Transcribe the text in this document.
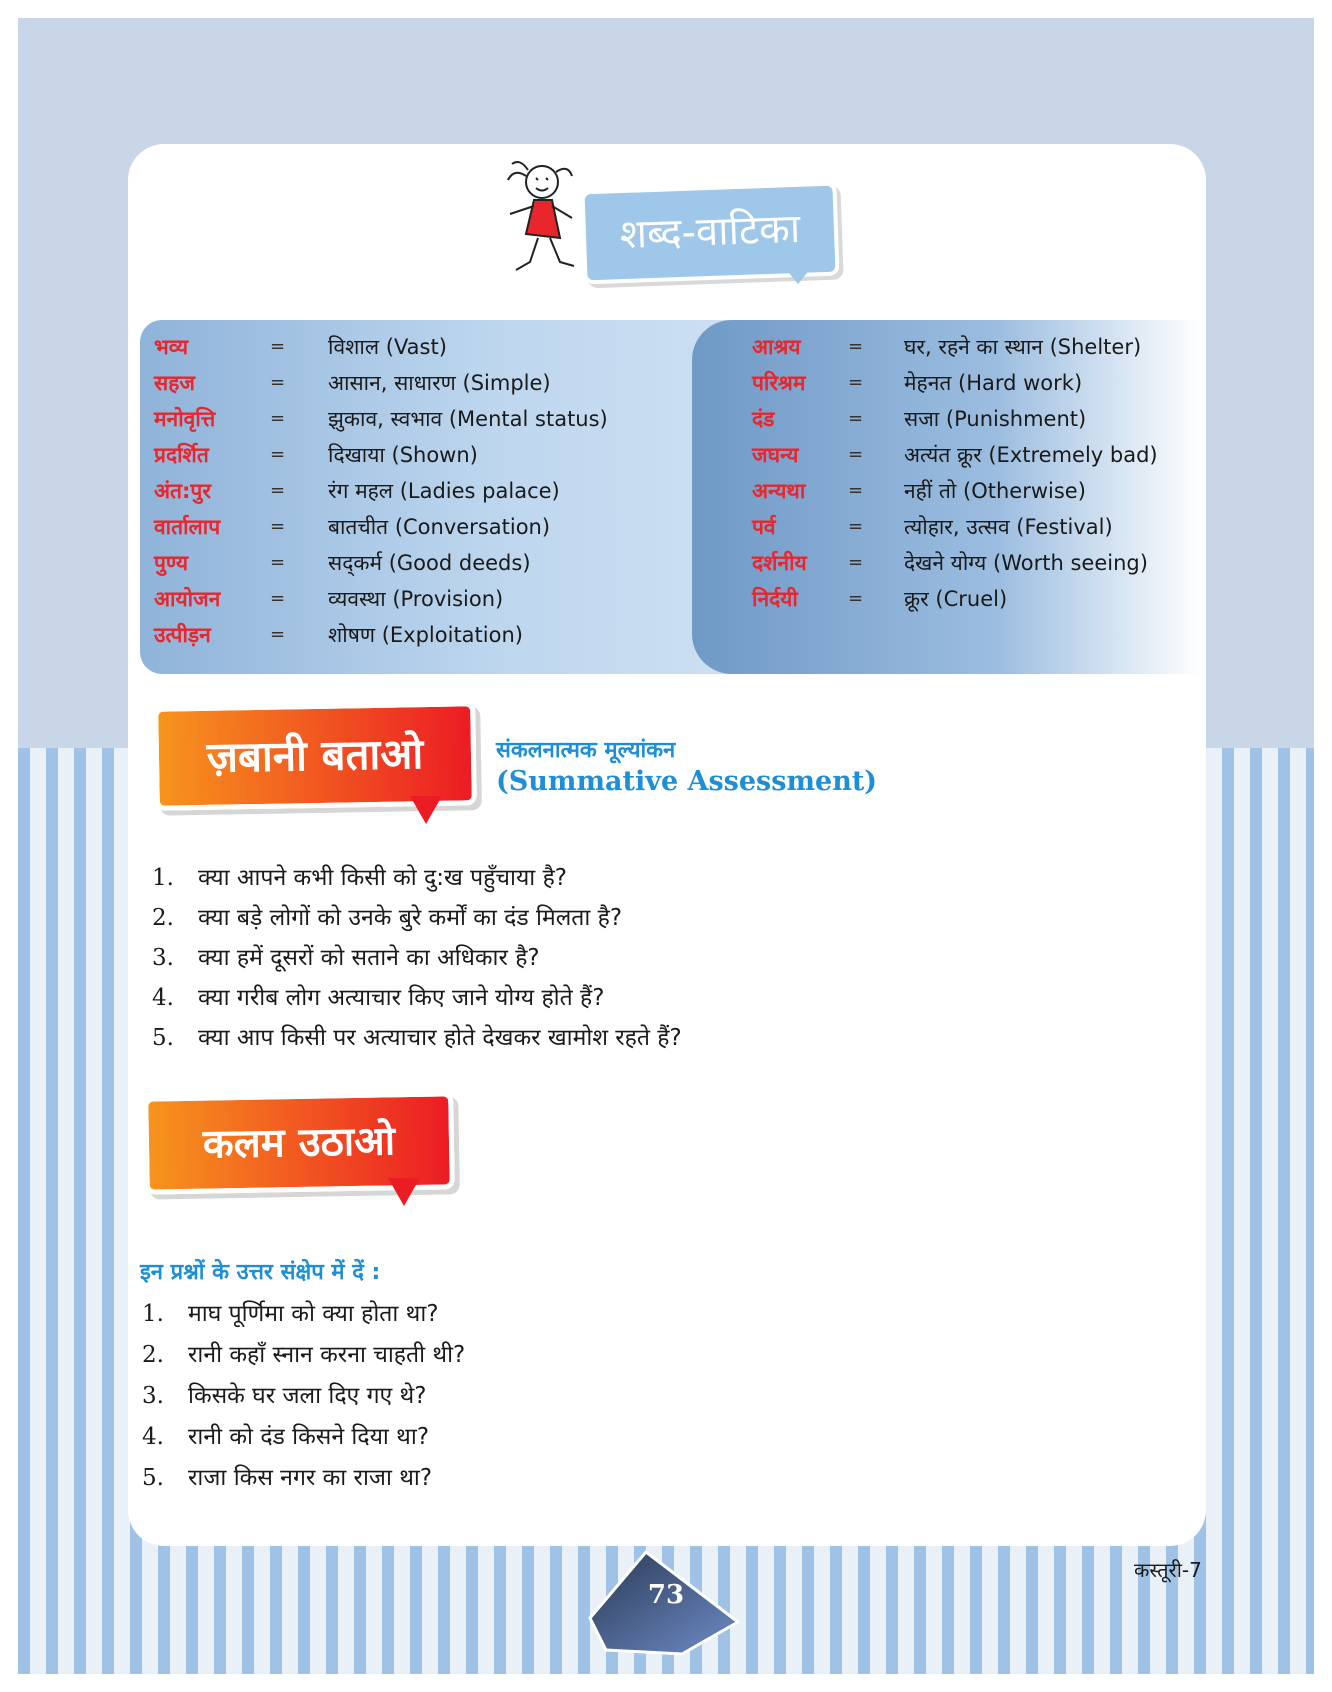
शब्द-वाटिका
भव्य	= विशाल (Vast)
सहज	= आसान, साधारण (Simple)
मनोवृत्ति	= झुकाव, स्वभाव (Mental status)
प्रदर्शित	= दिखाया (Shown)
अंत:पुर	= रंग महल (Ladies palace)
वार्तालाप	= बातचीत (Conversation)
पुण्य	= सद्कर्म (Good deeds)
आयोजन	= व्यवस्था (Provision)
उत्पीड़न	= शोषण (Exploitation)
आश्रय	= घर, रहने का स्थान (Shelter)
परिश्रम = मेहनत (Hard work)
दंड	= सजा (Punishment)
जघन्य	= अत्यंत क्रूर (Extremely bad)
अन्यथा = नहीं तो (Otherwise)
पर्व	= त्योहार, उत्सव (Festival)
दर्शनीय = देखने योग्य (Worth seeing)
निर्दयी	= क्रूर (Cruel)
ज़बानी बताओ	संकलनात्मक मूल्यांकन
(Summative Assessment)
1. क्या आपने कभी किसी को दु:ख पहुँचाया है?
2. क्या बड़े लोगों को उनके बुरे कर्मों का दंड मिलता है?
3. क्या हमें दूसरों को सताने का अधिकार है?
4. क्या गरीब लोग अत्याचार किए जाने योग्य होते हैं?
5. क्या आप किसी पर अत्याचार होते देखकर खामोश रहते हैं?
कलम उठाओ
इन प्रश्नों के उत्तर संक्षेप में दें :
1. माघ पूर्णिमा को क्या होता था?
2. रानी कहाँ स्नान करना चाहती थी?
3. किसके घर जला दिए गए थे?
4. रानी को दंड किसने दिया था?
5. राजा किस नगर का राजा था?
73
कस्तूरी-7
